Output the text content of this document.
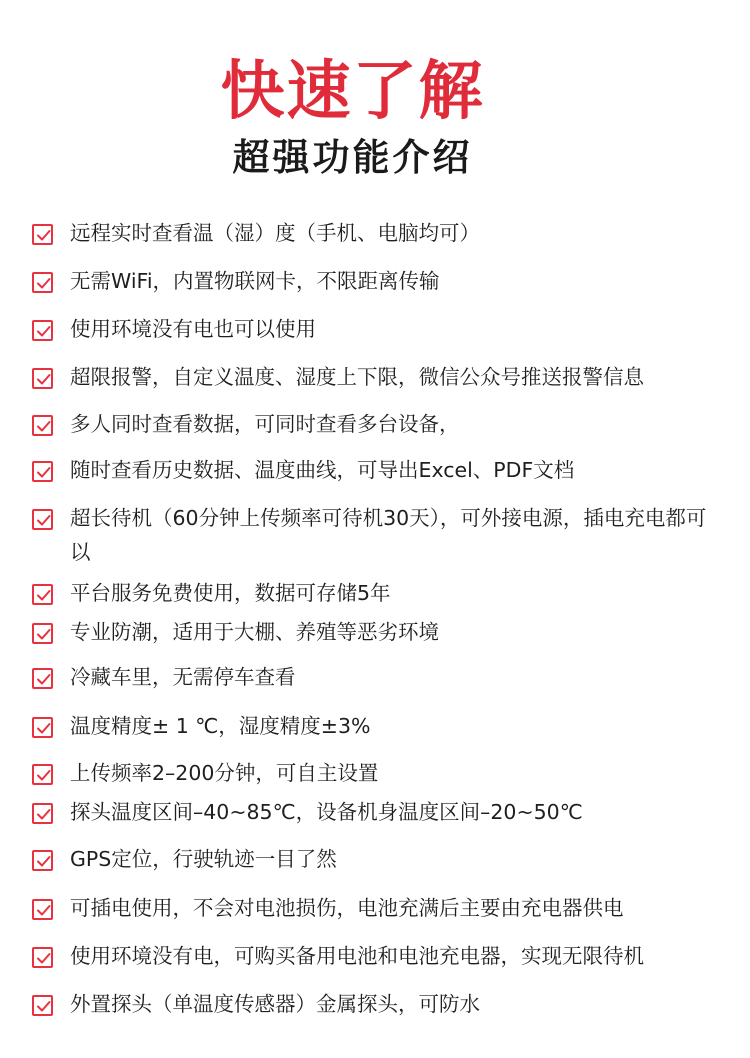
快速了解
超强功能介绍
远程实时查看温（湿）度（手机、电脑均可）
无需WiFi，内置物联网卡，不限距离传输
使用环境没有电也可以使用
超限报警，自定义温度、湿度上下限，微信公众号推送报警信息
多人同时查看数据，可同时查看多台设备，
随时查看历史数据、温度曲线，可导出Excel、PDF文档
超长待机（60分钟上传频率可待机30天），可外接电源，插电充电都可以
平台服务免费使用，数据可存储5年
专业防潮，适用于大棚、养殖等恶劣环境
冷藏车里，无需停车查看
温度精度± 1 ℃，湿度精度±3%
上传频率2–200分钟，可自主设置
探头温度区间–40~85℃，设备机身温度区间–20~50℃
GPS定位，行驶轨迹一目了然
可插电使用，不会对电池损伤，电池充满后主要由充电器供电
使用环境没有电，可购买备用电池和电池充电器，实现无限待机
外置探头（单温度传感器）金属探头，可防水
